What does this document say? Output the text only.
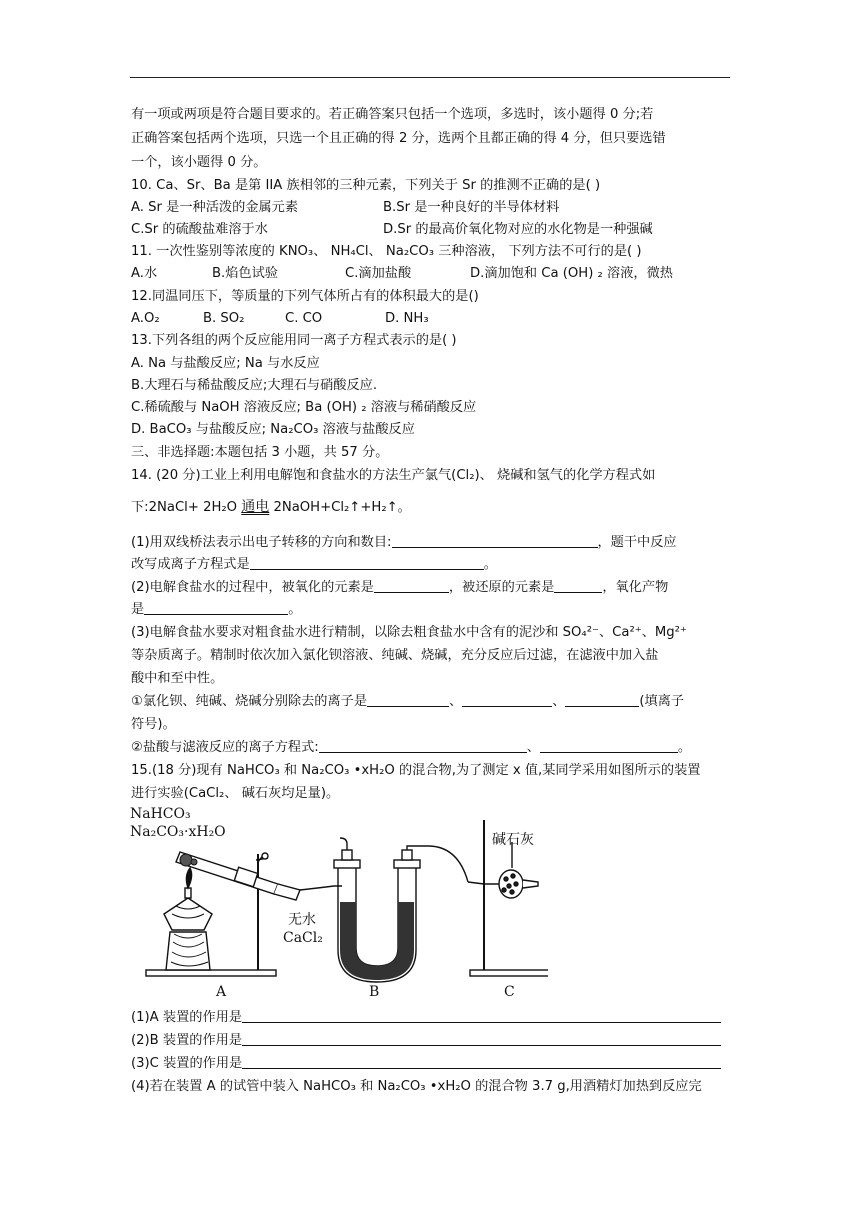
有一项或两项是符合题目要求的。若正确答案只包括一个选项，多选时，该小题得 0 分;若
正确答案包括两个选项，只选一个且正确的得 2 分，选两个且都正确的得 4 分，但只要选错
一个，该小题得 0 分。
10. Ca、Sr、Ba 是第 IIA 族相邻的三种元素，下列关于 Sr 的推测不正确的是( )
A. Sr 是一种活泼的金属元素	B.Sr 是一种良好的半导体材料
C.Sr 的硫酸盐难溶于水	D.Sr 的最高价氧化物对应的水化物是一种强碱
11. 一次性鉴别等浓度的 KNO₃、 NH₄Cl、 Na₂CO₃ 三种溶液， 下列方法不可行的是( )
A.水	B.焰色试验	C.滴加盐酸	D.滴加饱和 Ca (OH) ₂ 溶液，微热
12.同温同压下，等质量的下列气体所占有的体积最大的是()
A.O₂	B. SO₂	C. CO	D. NH₃
13.下列各组的两个反应能用同一离子方程式表示的是( )
A. Na 与盐酸反应; Na 与水反应
B.大理石与稀盐酸反应;大理石与硝酸反应.
C.稀硫酸与 NaOH 溶液反应; Ba (OH) ₂ 溶液与稀硝酸反应
D. BaCO₃ 与盐酸反应; Na₂CO₃ 溶液与盐酸反应
三、非选择题:本题包括 3 小题，共 57 分。
14. (20 分)工业上利用电解饱和食盐水的方法生产氯气(Cl₂)、 烧碱和氢气的化学方程式如
下:2NaCl+ 2H₂O 通电 2NaOH+Cl₂↑+H₂↑。
(1)用双线桥法表示出电子转移的方向和数目:	，题干中反应
改写成离子方程式是	。
(2)电解食盐水的过程中，被氧化的元素是	，被还原的元素是	，氧化产物
是	。
(3)电解食盐水要求对粗食盐水进行精制，以除去粗食盐水中含有的泥沙和 SO₄²⁻、Ca²⁺、Mg²⁺
等杂质离子。精制时依次加入氯化钡溶液、纯碱、烧碱，充分反应后过滤，在滤液中加入盐
酸中和至中性。
①氯化钡、纯碱、烧碱分别除去的离子是	、	、	(填离子
符号)。
②盐酸与滤液反应的离子方程式:	、	。
15.(18 分)现有 NaHCO₃ 和 Na₂CO₃ •xH₂O 的混合物,为了测定 x 值,某同学采用如图所示的装置
进行实验(CaCl₂、 碱石灰均足量)。
NaHCO₃
Na₂CO₃·xH₂O
无水
CaCl₂
碱石灰
A	B	C
(1)A 装置的作用是
(2)B 装置的作用是
(3)C 装置的作用是
(4)若在装置 A 的试管中装入 NaHCO₃ 和 Na₂CO₃ •xH₂O 的混合物 3.7 g,用酒精灯加热到反应完
